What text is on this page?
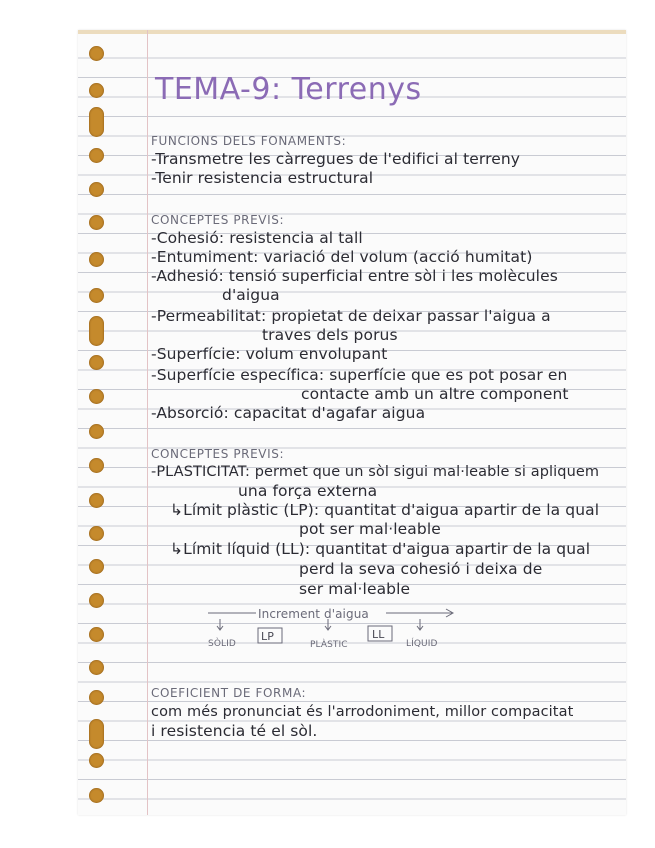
TEMA-9: Terrenys
FUNCIONS DELS FONAMENTS:
-Transmetre les càrregues de l'edifici al terreny
-Tenir resistencia estructural
CONCEPTES PREVIS:
-Cohesió: resistencia al tall
-Entumiment: variació del volum (acció humitat)
-Adhesió: tensió superficial entre sòl i les molècules
d'aigua
-Permeabilitat: propietat de deixar passar l'aigua a
traves dels porus
-Superfície: volum envolupant
-Superfície específica: superfície que es pot posar en
contacte amb un altre component
-Absorció: capacitat d'agafar aigua
CONCEPTES PREVIS:
-PLASTICITAT: permet que un sòl sigui mal·leable si apliquem
una força externa
↳Límit plàstic (LP): quantitat d'aigua apartir de la qual
pot ser mal·leable
↳Límit líquid (LL): quantitat d'aigua apartir de la qual
perd la seva cohesió i deixa de
ser mal·leable
Increment d'aigua
SÒLID
LP
PLÀSTIC
LL
LÍQUID
COEFICIENT DE FORMA:
com més pronunciat és l'arrodoniment, millor compacitat
i resistencia té el sòl.
